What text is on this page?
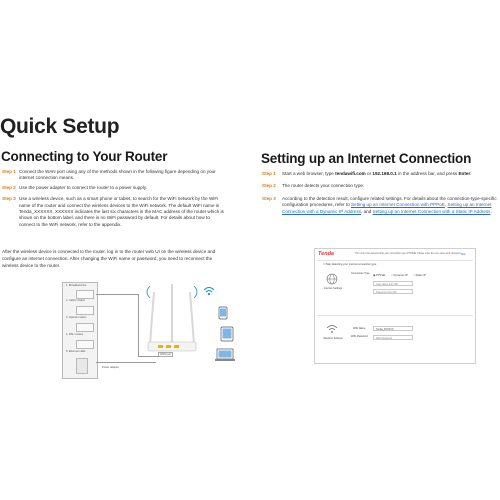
Quick Setup
Connecting to Your Router
Step 1 Connect the WAN port using any of the methods shown in the following figure depending on your internet connection means.
Step 2 Use the power adapter to connect the router to a power supply.
Step 3 Use a wireless device, such as a smart phone or tablet, to search for the WiFi network by the WiFi name of the router and connect the wireless devices to the WiFi network. The default WiFi name is Tenda_XXXXXX. XXXXXX indicates the last six characters in the MAC address of the router which is shown on the bottom label, and there is no WiFi password by default. For details about how to connect to the WiFi network, refer to the appendix.
After the wireless device is connected to the router, log in to the router web UI on the wireless device and configure an internet connection. After changing the WiFi name or password, you need to reconnect the wireless device to the router.
1. Broadband line
2. Cable modem
3. Optical modem
4. DSL modem
5. Ethernet cable
WAN port
Power adapter
Setting up an Internet Connection
Step 1	Start a web browser, type tendawifi.com or 192.168.0.1 in the address bar, and press Enter.
Step 2	The router detects your connection type.
Step 3	According to the detection result, configure related settings. For details about the connection-type-specific configuration procedures, refer to Setting up an Internet Connection with PPPoE, Setting up an Internet Connection with a Dynamic IP Address, and Setting up an Internet Connection with a Static IP Address.
Tenda	The router has detected that your connection type is PPPoE. Please enter the user name and password. Skip
☐ Skip detecting your internet connection type
Internet Settings
Connection Type	◉ PPPoE ○ Dynamic IP ○ Static IP
User Name from ISP
Password from ISP
Wireless Settings
WiFi Name	Tenda_XXXXXX
WiFi Password
WiFi Password
